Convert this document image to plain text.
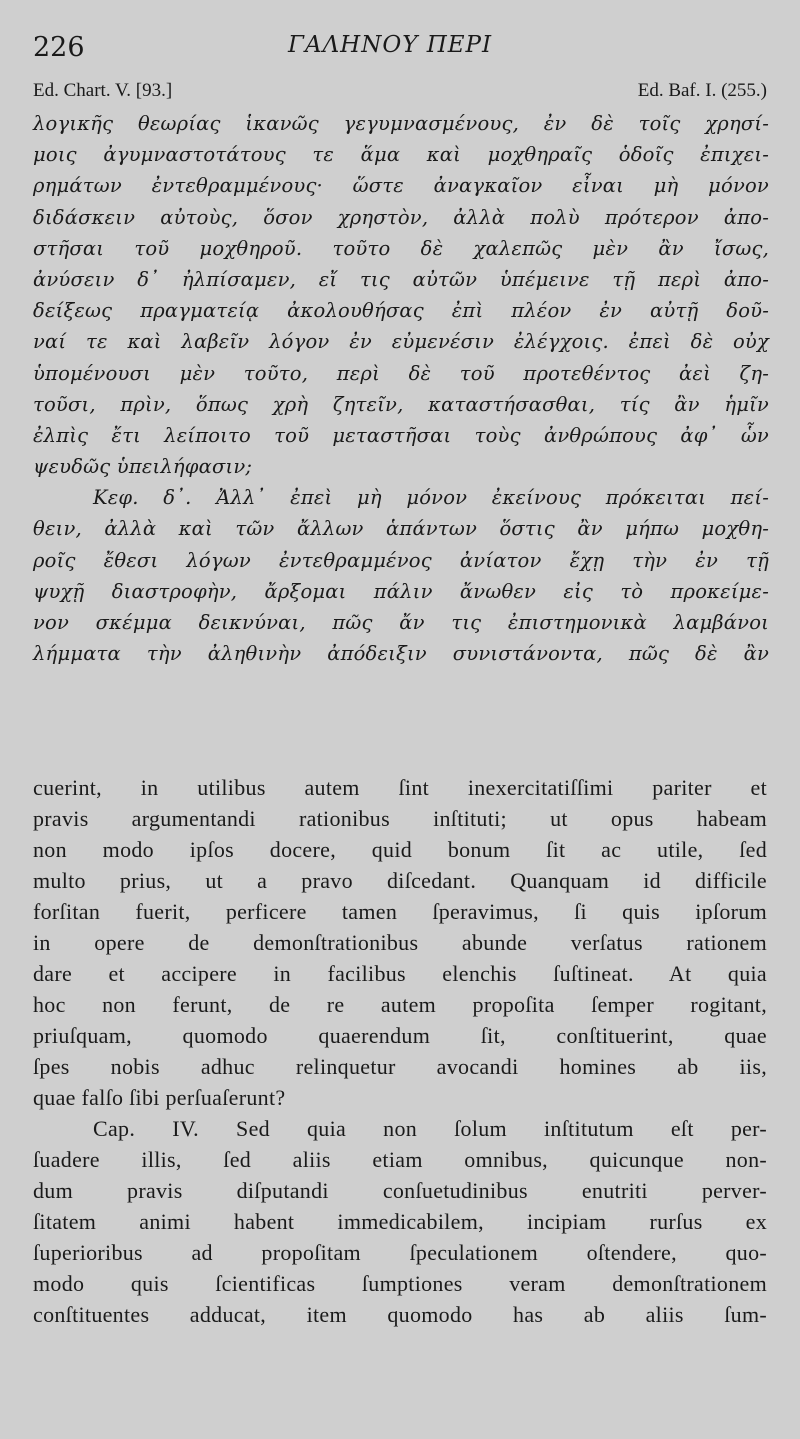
226	ΓΑΛΗΝΟΥ ΠΕΡΙ
Ed. Chart. V. [93.]	Ed. Baf. I. (255.)
λογικῆς θεωρίας ἱκανῶς γεγυμνασμένους, ἐν δὲ τοῖς χρησί-
μοις ἀγυμναστοτάτους τε ἅμα καὶ μοχθηραῖς ὁδοῖς ἐπιχει-
ρημάτων ἐντεθραμμένους· ὥστε ἀναγκαῖον εἶναι μὴ μόνον
διδάσκειν αὐτοὺς, ὅσον χρηστὸν, ἀλλὰ πολὺ πρότερον ἀπο-
στῆσαι τοῦ μοχθηροῦ. τοῦτο δὲ χαλεπῶς μὲν ἂν ἴσως,
ἀνύσειν δ᾽ ἠλπίσαμεν, εἴ τις αὐτῶν ὑπέμεινε τῇ περὶ ἀπο-
δείξεως πραγματείᾳ ἀκολουθήσας ἐπὶ πλέον ἐν αὐτῇ δοῦ-
ναί τε καὶ λαβεῖν λόγον ἐν εὐμενέσιν ἐλέγχοις. ἐπεὶ δὲ οὐχ
ὑπομένουσι μὲν τοῦτο, περὶ δὲ τοῦ προτεθέντος ἀεὶ ζη-
τοῦσι, πρὶν, ὅπως χρὴ ζητεῖν, καταστήσασθαι, τίς ἂν ἡμῖν
ἐλπὶς ἔτι λείποιτο τοῦ μεταστῆσαι τοὺς ἀνθρώπους ἀφ᾽ ὧν
ψευδῶς ὑπειλήφασιν;
Κεφ. δ᾽. Ἀλλ᾽ ἐπεὶ μὴ μόνον ἐκείνους πρόκειται πεί-
θειν, ἀλλὰ καὶ τῶν ἄλλων ἁπάντων ὅστις ἂν μήπω μοχθη-
ροῖς ἔθεσι λόγων ἐντεθραμμένος ἀνίατον ἔχῃ τὴν ἐν τῇ
ψυχῇ διαστροφὴν, ἄρξομαι πάλιν ἄνωθεν εἰς τὸ προκείμε-
νον σκέμμα δεικνύναι, πῶς ἄν τις ἐπιστημονικὰ λαμβάνοι
λήμματα τὴν ἀληθινὴν ἀπόδειξιν συνιστάνοντα, πῶς δὲ ἂν
cuerint, in utilibus autem ſint inexercitatiſſimi pariter et
pravis argumentandi rationibus inſtituti; ut opus habeam
non modo ipſos docere, quid bonum ſit ac utile, ſed
multo prius, ut a pravo diſcedant. Quanquam id difficile
forſitan fuerit, perficere tamen ſperavimus, ſi quis ipſorum
in opere de demonſtrationibus abunde verſatus rationem
dare et accipere in facilibus elenchis ſuſtineat. At quia
hoc non ferunt, de re autem propoſita ſemper rogitant,
priuſquam, quomodo quaerendum ſit, conſtituerint, quae
ſpes nobis adhuc relinquetur avocandi homines ab iis,
quae falſo ſibi perſuaſerunt?
Cap. IV. Sed quia non ſolum inſtitutum eſt per-
ſuadere illis, ſed aliis etiam omnibus, quicunque non-
dum pravis diſputandi conſuetudinibus enutriti perver-
ſitatem animi habent immedicabilem, incipiam rurſus ex
ſuperioribus ad propoſitam ſpeculationem oſtendere, quo-
modo quis ſcientificas ſumptiones veram demonſtrationem
conſtituentes adducat, item quomodo has ab aliis ſum-
